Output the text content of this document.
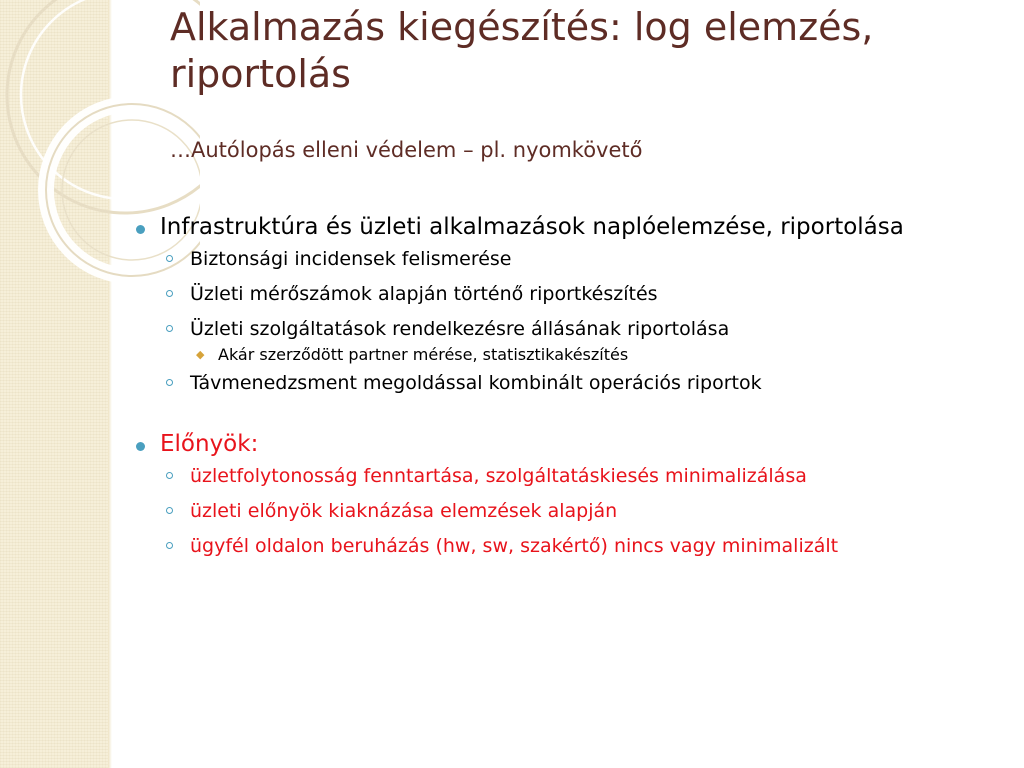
Alkalmazás kiegészítés: log elemzés, riportolás
…Autólopás elleni védelem – pl. nyomkövető
Infrastruktúra és üzleti alkalmazások naplóelemzése, riportolása
Biztonsági incidensek felismerése
Üzleti mérőszámok alapján történő riportkészítés
Üzleti szolgáltatások rendelkezésre állásának riportolása
◆ Akár szerződött partner mérése, statisztikakészítés
Távmenedzsment megoldással kombinált operációs riportok
Előnyök:
üzletfolytonosság fenntartása, szolgáltatáskiesés minimalizálása
üzleti előnyök kiaknázása elemzések alapján
ügyfél oldalon beruházás (hw, sw, szakértő) nincs vagy minimalizált
